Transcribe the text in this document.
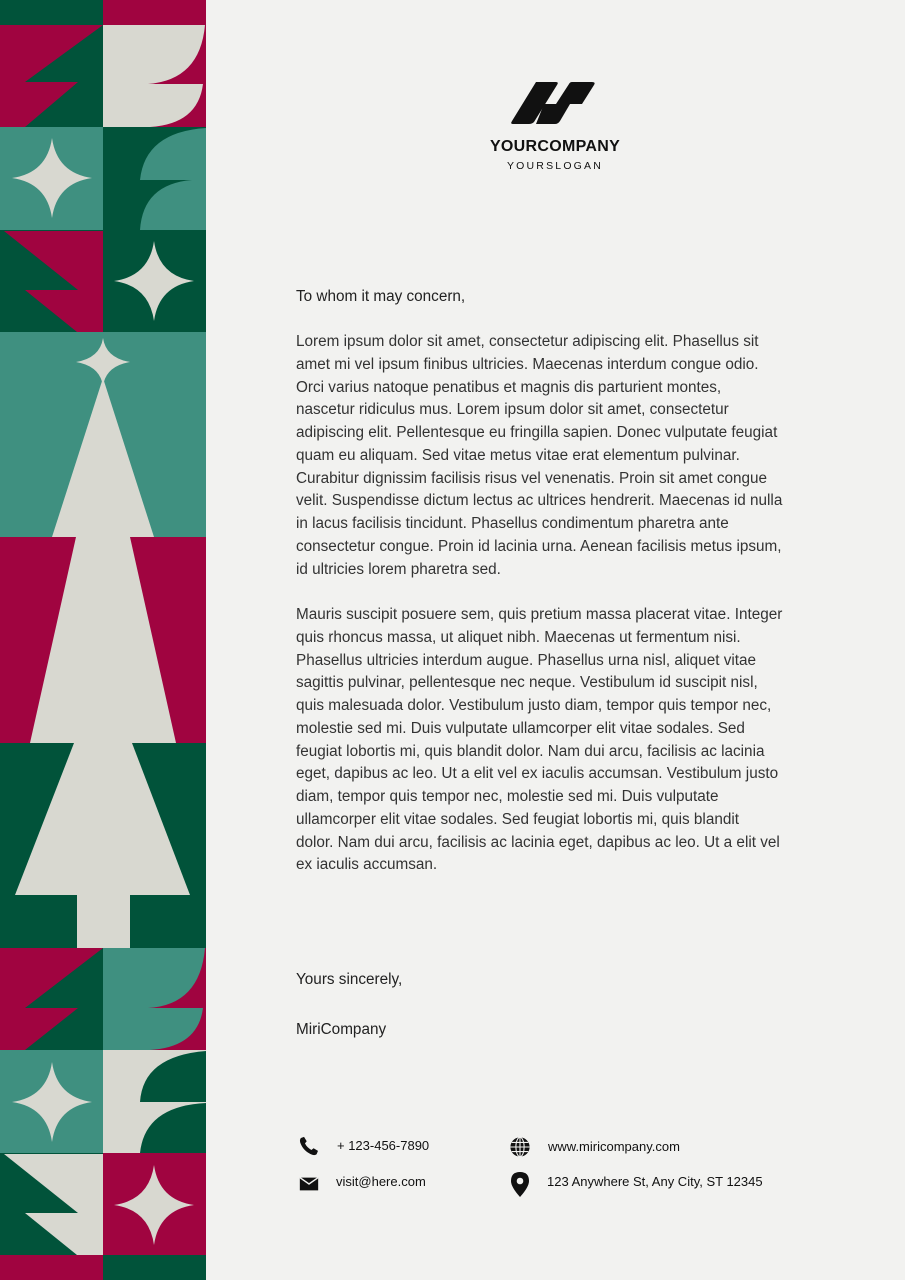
YOURCOMPANY
YOURSLOGAN
To whom it may concern,
Lorem ipsum dolor sit amet, consectetur adipiscing elit. Phasellus sit
amet mi vel ipsum finibus ultricies. Maecenas interdum congue odio.
Orci varius natoque penatibus et magnis dis parturient montes,
nascetur ridiculus mus. Lorem ipsum dolor sit amet, consectetur
adipiscing elit. Pellentesque eu fringilla sapien. Donec vulputate feugiat
quam eu aliquam. Sed vitae metus vitae erat elementum pulvinar.
Curabitur dignissim facilisis risus vel venenatis. Proin sit amet congue
velit. Suspendisse dictum lectus ac ultrices hendrerit. Maecenas id nulla
in lacus facilisis tincidunt. Phasellus condimentum pharetra ante
consectetur congue. Proin id lacinia urna. Aenean facilisis metus ipsum,
id ultricies lorem pharetra sed.
Mauris suscipit posuere sem, quis pretium massa placerat vitae. Integer
quis rhoncus massa, ut aliquet nibh. Maecenas ut fermentum nisi.
Phasellus ultricies interdum augue. Phasellus urna nisl, aliquet vitae
sagittis pulvinar, pellentesque nec neque. Vestibulum id suscipit nisl,
quis malesuada dolor. Vestibulum justo diam, tempor quis tempor nec,
molestie sed mi. Duis vulputate ullamcorper elit vitae sodales. Sed
feugiat lobortis mi, quis blandit dolor. Nam dui arcu, facilisis ac lacinia
eget, dapibus ac leo. Ut a elit vel ex iaculis accumsan. Vestibulum justo
diam, tempor quis tempor nec, molestie sed mi. Duis vulputate
ullamcorper elit vitae sodales. Sed feugiat lobortis mi, quis blandit
dolor. Nam dui arcu, facilisis ac lacinia eget, dapibus ac leo. Ut a elit vel
ex iaculis accumsan.
Yours sincerely,
MiriCompany
+ 123-456-7890
visit@here.com
www.miricompany.com
123 Anywhere St, Any City, ST 12345
